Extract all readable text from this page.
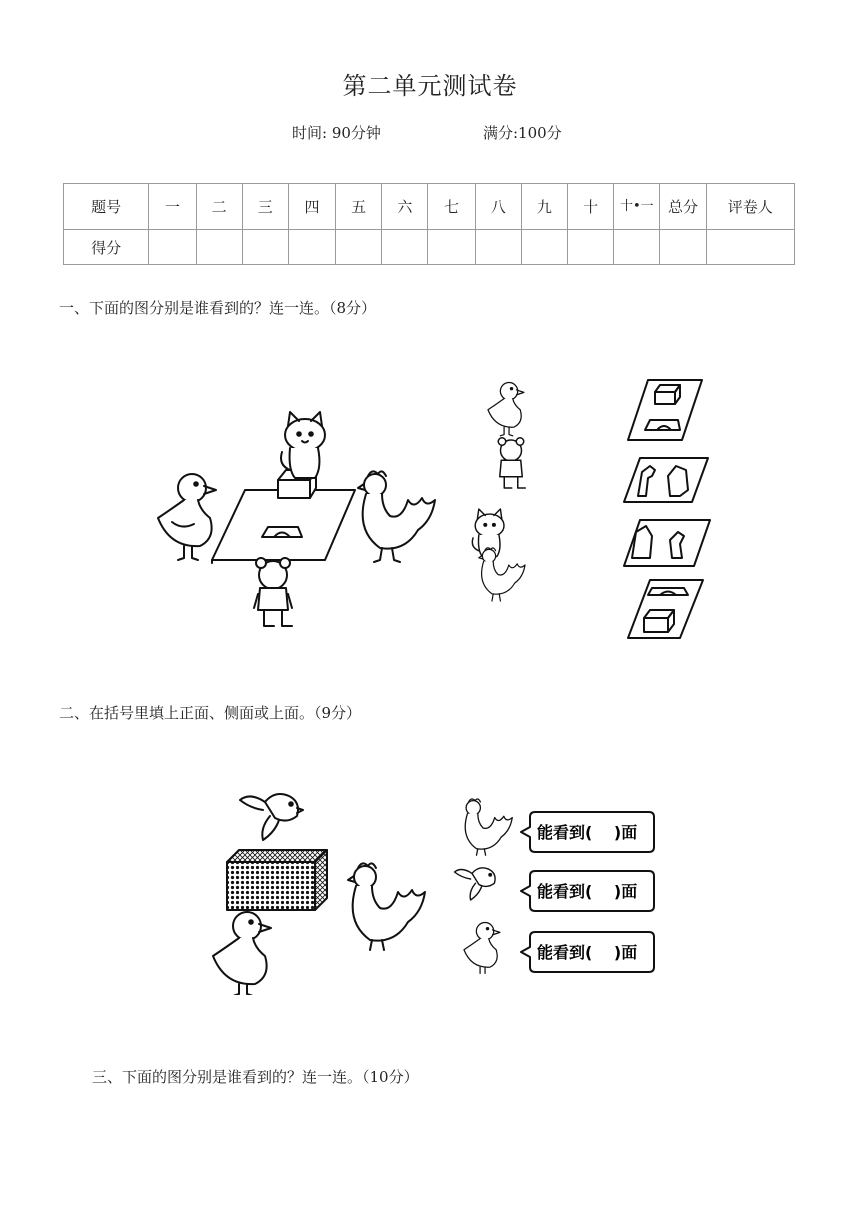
第二单元测试卷
时间: 90分钟	满分:100分
题号	一	二	三	四	五	六	七	八	九	十	十•一	总分	评卷人
得分													
一、下面的图分别是谁看到的？连一连。（8分）
二、在括号里填上正面、侧面或上面。（9分）
能看到(　 )面
能看到(　 )面
能看到(　 )面
三、下面的图分别是谁看到的？连一连。（10分）
